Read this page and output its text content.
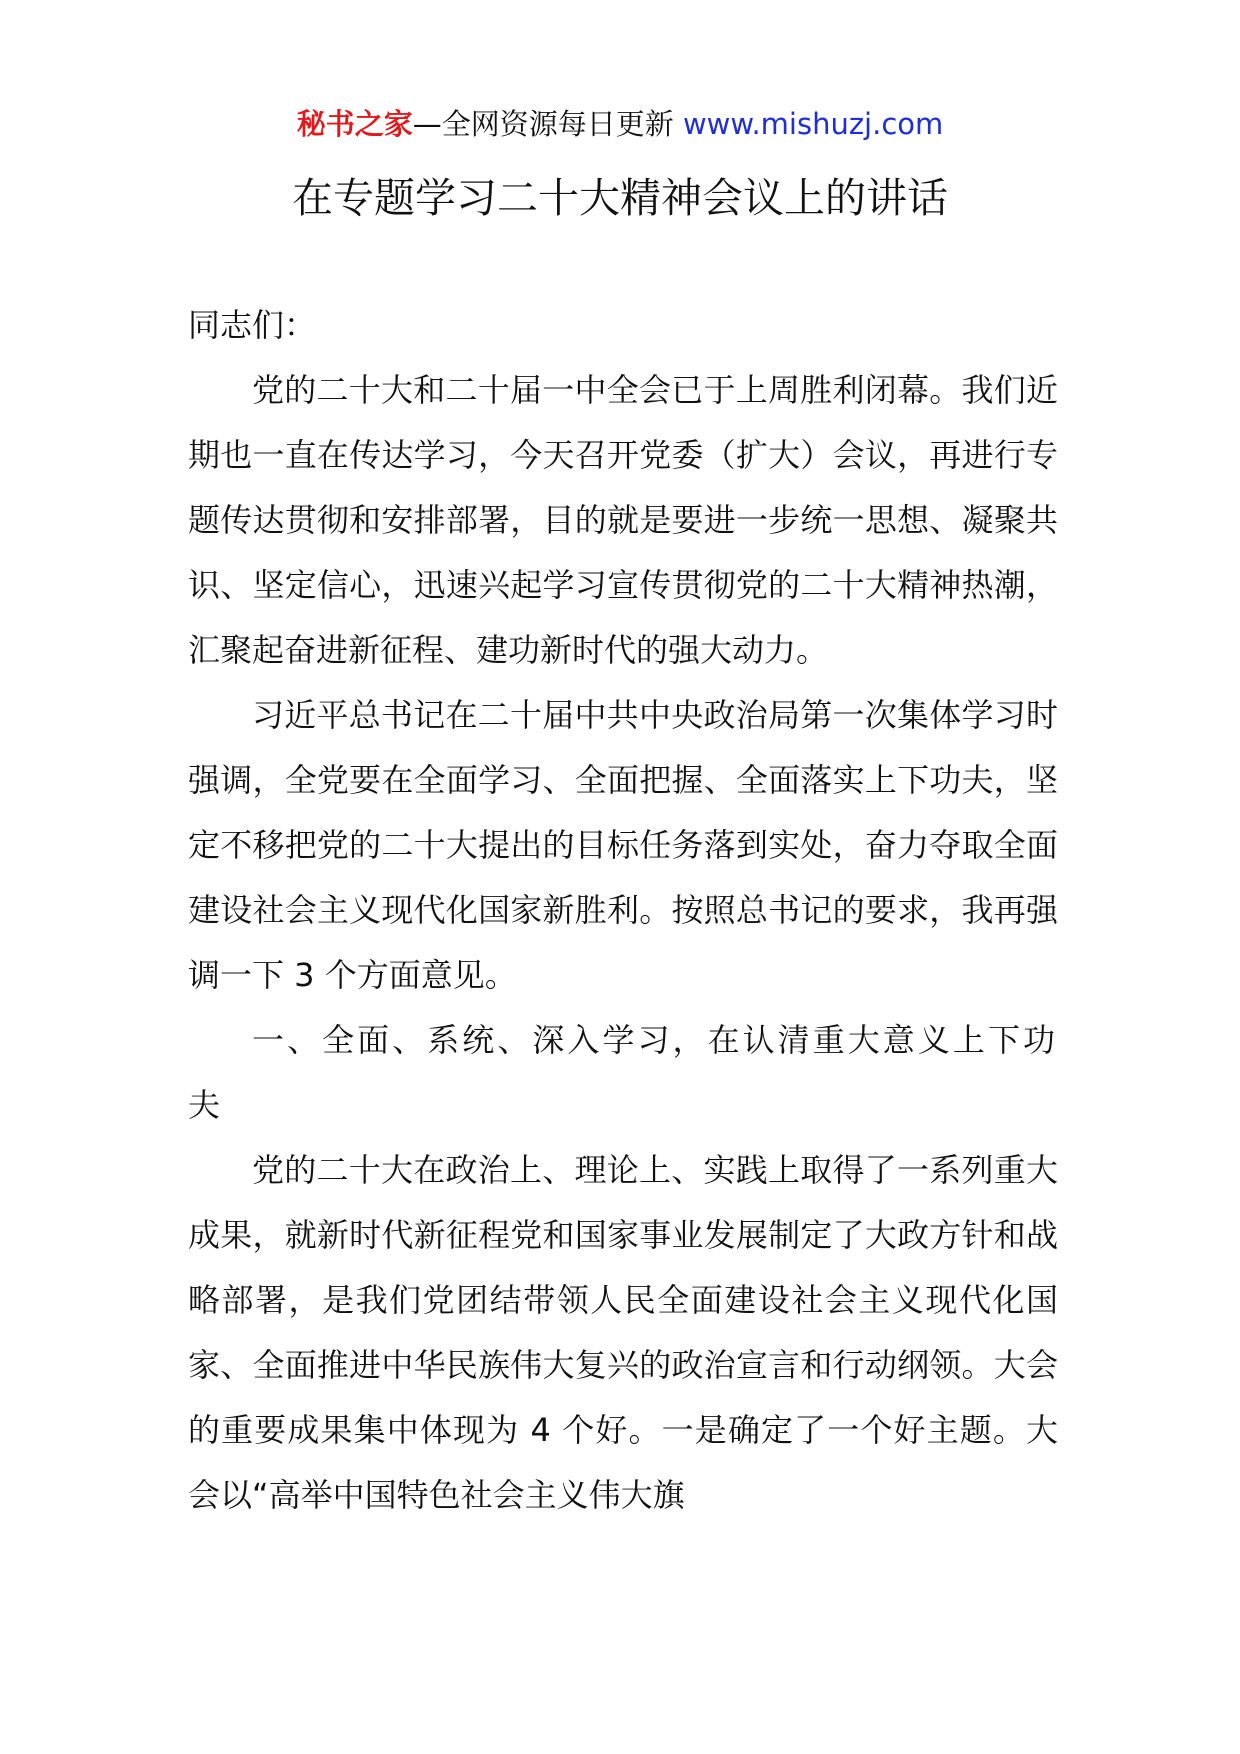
秘书之家—全网资源每日更新 www.mishuzj.com
在专题学习二十大精神会议上的讲话

同志们：

党的二十大和二十届一中全会已于上周胜利闭幕。我们近期也一直在传达学习，今天召开党委（扩大）会议，再进行专题传达贯彻和安排部署，目的就是要进一步统一思想、凝聚共识、坚定信心，迅速兴起学习宣传贯彻党的二十大精神热潮，汇聚起奋进新征程、建功新时代的强大动力。

习近平总书记在二十届中共中央政治局第一次集体学习时强调，全党要在全面学习、全面把握、全面落实上下功夫，坚定不移把党的二十大提出的目标任务落到实处，奋力夺取全面建设社会主义现代化国家新胜利。按照总书记的要求，我再强调一下 3 个方面意见。

一、全面、系统、深入学习，在认清重大意义上下功夫

党的二十大在政治上、理论上、实践上取得了一系列重大成果，就新时代新征程党和国家事业发展制定了大政方针和战略部署，是我们党团结带领人民全面建设社会主义现代化国家、全面推进中华民族伟大复兴的政治宣言和行动纲领。大会的重要成果集中体现为 4 个好。一是确定了一个好主题。大会以“高举中国特色社会主义伟大旗
